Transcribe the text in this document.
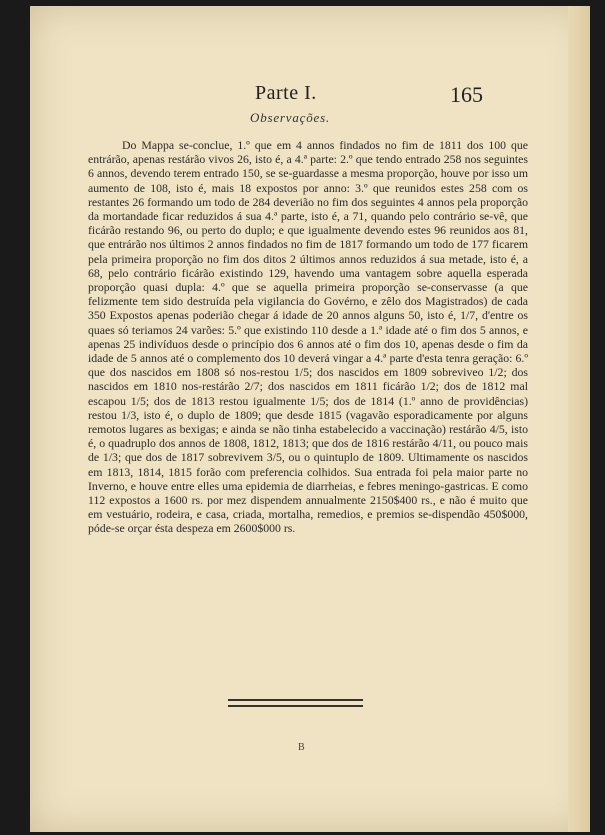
Parte I.	165
Observações.

Do Mappa se-conclue, 1.º que em 4 annos findados no fim de 1811 dos 100 que entrárão, apenas restárão vivos 26, isto é, a 4.ª parte: 2.º que tendo entrado 258 nos seguintes 6 annos, devendo terem entrado 150, se se-guardasse a mesma proporção, houve por isso um aumento de 108, isto é, mais 18 expostos por anno: 3.º que reunidos estes 258 com os restantes 26 formando um todo de 284 deverião no fim dos seguintes 4 annos pela proporção da mortandade ficar reduzidos á sua 4.ª parte, isto é, a 71, quando pelo contrário se-vê, que ficárão restando 96, ou perto do duplo; e que igualmente devendo estes 96 reunidos aos 81, que entrárão nos últimos 2 annos findados no fim de 1817 formando um todo de 177 ficarem pela primeira proporção no fim dos ditos 2 últimos annos reduzidos á sua metade, isto é, a 68, pelo contrário ficárão existindo 129, havendo uma vantagem sobre aquella esperada proporção quasi dupla: 4.º que se aquella primeira proporção se-conservasse (a que felizmente tem sido destruída pela vigilancia do Govérno, e zêlo dos Magistrados) de cada 350 Expostos apenas poderião chegar á idade de 20 annos alguns 50, isto é, 1/7, d'entre os quaes só teriamos 24 varões: 5.º que existindo 110 desde a 1.ª idade até o fim dos 5 annos, e apenas 25 indivíduos desde o princípio dos 6 annos até o fim dos 10, apenas desde o fim da idade de 5 annos até o complemento dos 10 deverá vingar a 4.ª parte d'esta tenra geração: 6.º que dos nascidos em 1808 só nos-restou 1/5; dos nascidos em 1809 sobreviveo 1/2; dos nascidos em 1810 nos-restárão 2/7; dos nascidos em 1811 ficárão 1/2; dos de 1812 mal escapou 1/5; dos de 1813 restou igualmente 1/5; dos de 1814 (1.º anno de providências) restou 1/3, isto é, o duplo de 1809; que desde 1815 (vagavão esporadicamente por alguns remotos lugares as bexigas; e ainda se não tinha estabelecido a vaccinação) restárão 4/5, isto é, o quadruplo dos annos de 1808, 1812, 1813; que dos de 1816 restárão 4/11, ou pouco mais de 1/3; que dos de 1817 sobrevivem 3/5, ou o quintuplo de 1809. Ultimamente os nascidos em 1813, 1814, 1815 forão com preferencia colhidos. Sua entrada foi pela maior parte no Inverno, e houve entre elles uma epidemia de diarrheias, e febres meningo-gastricas. E como 112 expostos a 1600 rs. por mez dispendem annualmente 2150$400 rs., e não é muito que em vestuário, rodeira, e casa, criada, mortalha, remedios, e premios se-dispendão 450$000, póde-se orçar ésta despeza em 2600$000 rs.

B
